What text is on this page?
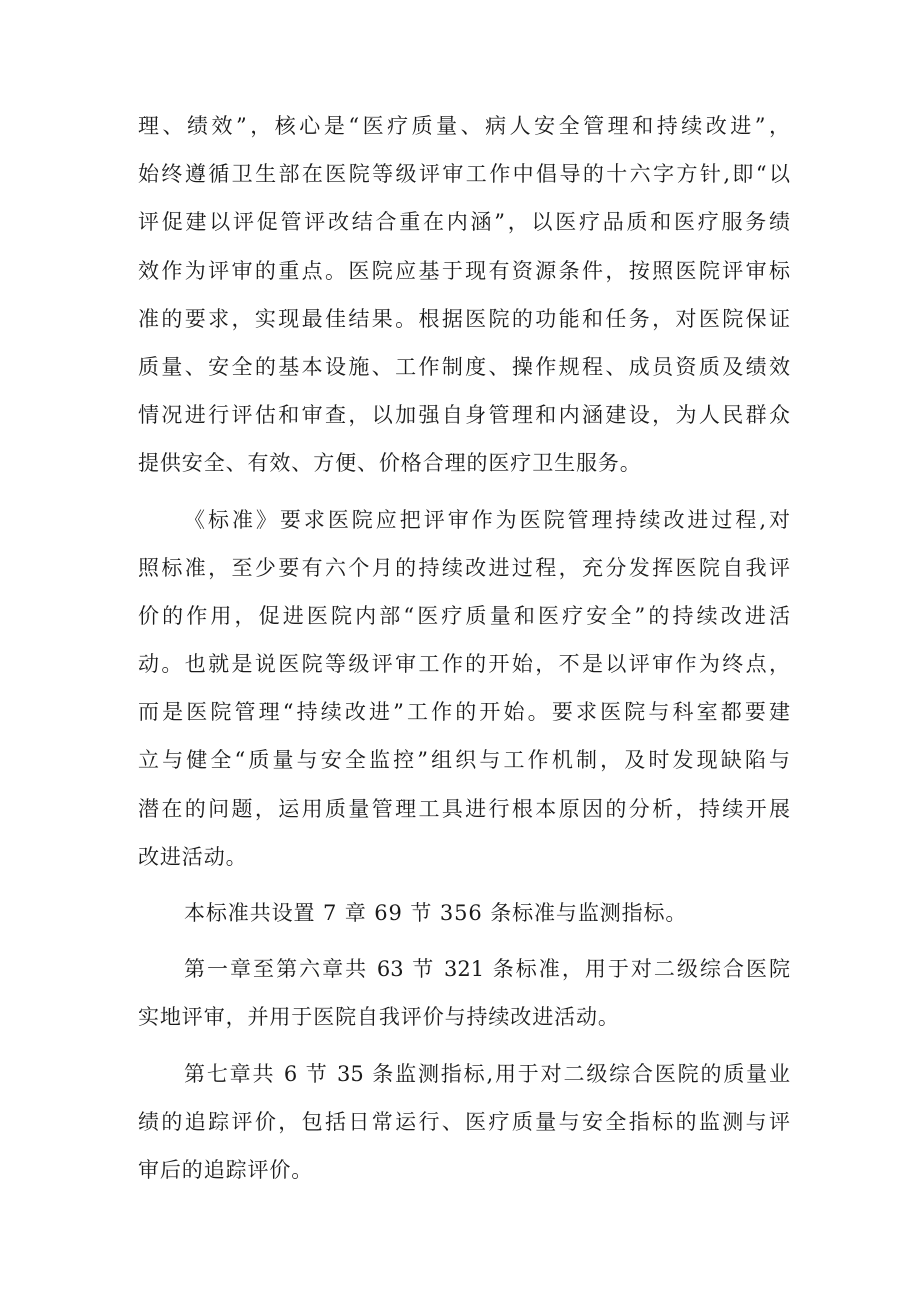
理、绩效”，核心是“医疗质量、病人安全管理和持续改进”，
始终遵循卫生部在医院等级评审工作中倡导的十六字方针,即“以
评促建以评促管评改结合重在内涵”，以医疗品质和医疗服务绩
效作为评审的重点。医院应基于现有资源条件，按照医院评审标
准的要求，实现最佳结果。根据医院的功能和任务，对医院保证
质量、安全的基本设施、工作制度、操作规程、成员资质及绩效
情况进行评估和审查，以加强自身管理和内涵建设，为人民群众
提供安全、有效、方便、价格合理的医疗卫生服务。
《标准》要求医院应把评审作为医院管理持续改进过程,对
照标准，至少要有六个月的持续改进过程，充分发挥医院自我评
价的作用，促进医院内部“医疗质量和医疗安全”的持续改进活
动。也就是说医院等级评审工作的开始，不是以评审作为终点，
而是医院管理“持续改进”工作的开始。要求医院与科室都要建
立与健全“质量与安全监控”组织与工作机制，及时发现缺陷与
潜在的问题，运用质量管理工具进行根本原因的分析，持续开展
改进活动。
本标准共设置 7 章 69 节 356 条标准与监测指标。
第一章至第六章共 63 节 321 条标准，用于对二级综合医院
实地评审，并用于医院自我评价与持续改进活动。
第七章共 6 节 35 条监测指标,用于对二级综合医院的质量业
绩的追踪评价，包括日常运行、医疗质量与安全指标的监测与评
审后的追踪评价。
